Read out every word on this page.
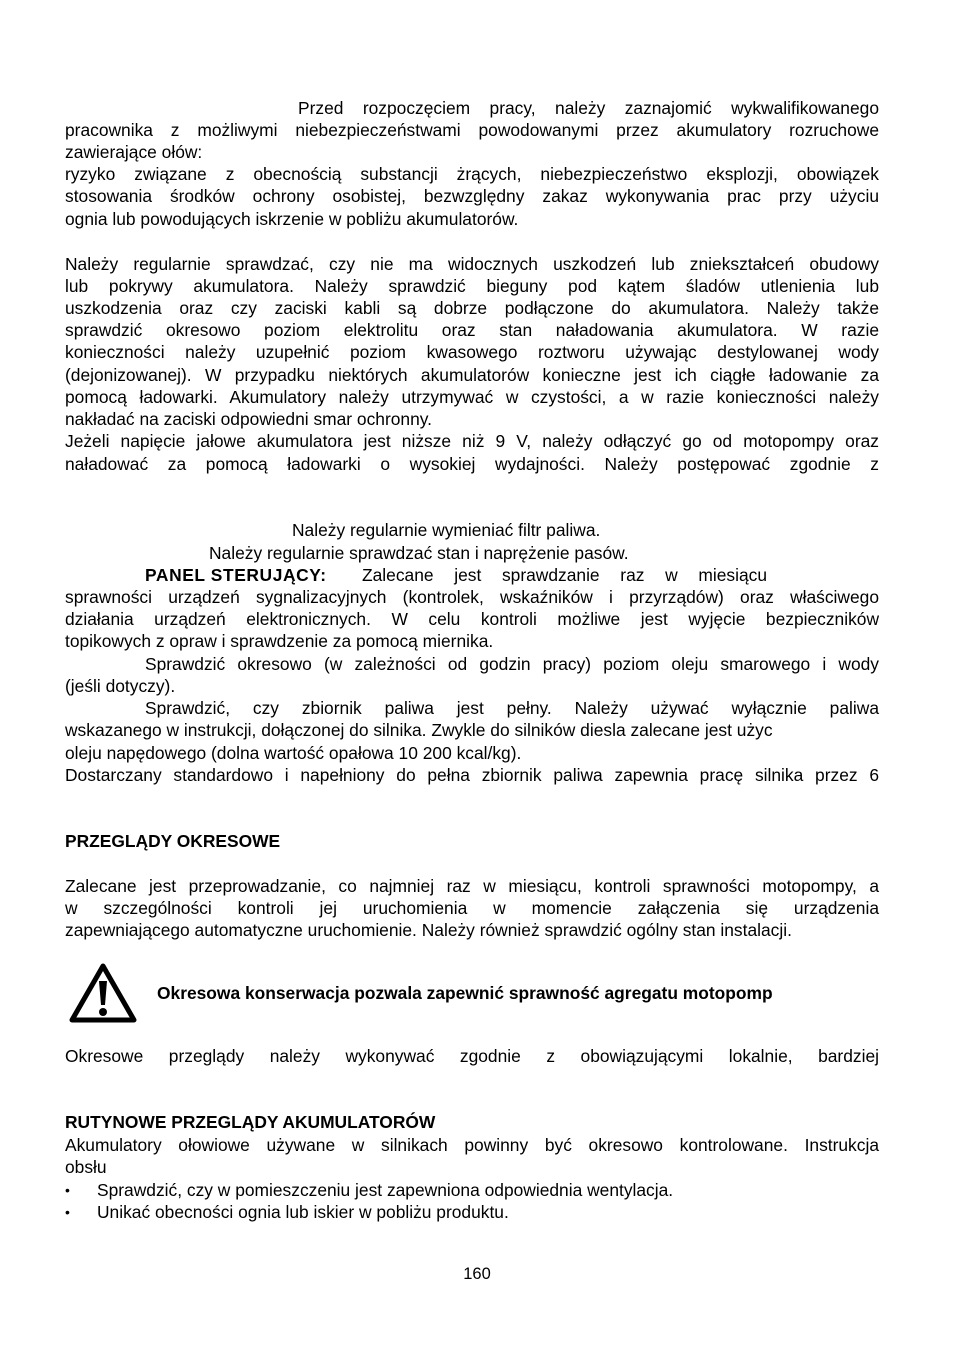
Przed rozpoczęciem pracy, należy zaznajomić wykwalifikowanego
pracownika z możliwymi niebezpieczeństwami powodowanymi przez akumulatory rozruchowe
zawierające ołów:
ryzyko związane z obecnością substancji żrących, niebezpieczeństwo eksplozji, obowiązek
stosowania środków ochrony osobistej, bezwzględny zakaz wykonywania prac przy użyciu
ognia lub powodujących iskrzenie w pobliżu akumulatorów.
Należy regularnie sprawdzać, czy nie ma widocznych uszkodzeń lub zniekształceń obudowy
lub pokrywy akumulatora. Należy sprawdzić bieguny pod kątem śladów utlenienia lub
uszkodzenia oraz czy zaciski kabli są dobrze podłączone do akumulatora. Należy także
sprawdzić okresowo poziom elektrolitu oraz stan naładowania akumulatora. W razie
konieczności należy uzupełnić poziom kwasowego roztworu używając destylowanej wody
(dejonizowanej). W przypadku niektórych akumulatorów konieczne jest ich ciągłe ładowanie za
pomocą ładowarki. Akumulatory należy utrzymywać w czystości, a w razie konieczności należy
nakładać na zaciski odpowiedni smar ochronny.
Jeżeli napięcie jałowe akumulatora jest niższe niż 9 V, należy odłączyć go od motopompy oraz
naładować za pomocą ładowarki o wysokiej wydajności. Należy postępować zgodnie z
Należy regularnie wymieniać filtr paliwa.
Należy regularnie sprawdzać stan i naprężenie pasów.
PANEL STERUJĄCY: Zalecane jest sprawdzanie raz w miesiącu
sprawności urządzeń sygnalizacyjnych (kontrolek, wskaźników i przyrządów) oraz właściwego
działania urządzeń elektronicznych. W celu kontroli możliwe jest wyjęcie bezpieczników
topikowych z opraw i sprawdzenie za pomocą miernika.
Sprawdzić okresowo (w zależności od godzin pracy) poziom oleju smarowego i wody
(jeśli dotyczy).
Sprawdzić, czy zbiornik paliwa jest pełny. Należy używać wyłącznie paliwa
wskazanego w instrukcji, dołączonej do silnika. Zwykle do silników diesla zalecane jest użyc
oleju napędowego (dolna wartość opałowa 10 200 kcal/kg).
Dostarczany standardowo i napełniony do pełna zbiornik paliwa zapewnia pracę silnika przez 6
PRZEGLĄDY OKRESOWE
Zalecane jest przeprowadzanie, co najmniej raz w miesiącu, kontroli sprawności motopompy, a
w szczególności kontroli jej uruchomienia w momencie załączenia się urządzenia
zapewniającego automatyczne uruchomienie. Należy również sprawdzić ogólny stan instalacji.
Okresowa konserwacja pozwala zapewnić sprawność agregatu motopomp
Okresowe przeglądy należy wykonywać zgodnie z obowiązującymi lokalnie, bardziej
RUTYNOWE PRZEGLĄDY AKUMULATORÓW
Akumulatory ołowiowe używane w silnikach powinny być okresowo kontrolowane. Instrukcja
obsłu
• Sprawdzić, czy w pomieszczeniu jest zapewniona odpowiednia wentylacja.
• Unikać obecności ognia lub iskier w pobliżu produktu.
160
